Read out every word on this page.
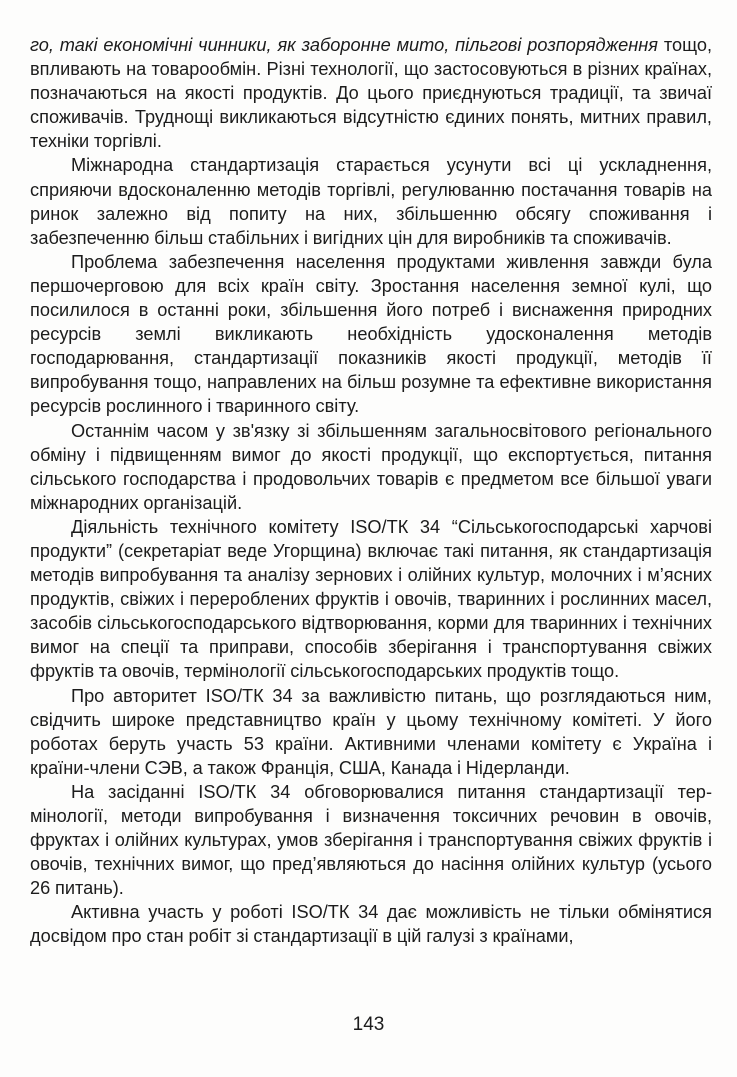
го, такі економічні чинники, як заборонне мито, пільгові розпорядження тощо, впливають на товарообмін. Різні технології, що застосовуються в різних країнах, позначаються на якості продуктів. До цього приєднуються традиції, та звичаї споживачів. Труднощі викликаються відсутністю єдиних понять, митних правил, техніки торгівлі.

Міжнародна стандартизація старається усунути всі ці ускладнення, сприяючи вдосконаленню методів торгівлі, регулюванню постачання товарів на ринок залежно від попиту на них, збільшенню обсягу споживання і забезпеченню більш стабільних і вигідних цін для виробників та споживачів.

Проблема забезпечення населення продуктами живлення завжди була першочерговою для всіх країн світу. Зростання населення земної кулі, що посилилося в останні роки, збільшення його потреб і виснаження природних ресурсів землі викликають необхідність удосконалення методів господарювання, стандартизації показників якості продукції, методів її випробування тощо, направлених на більш розумне та ефективне використання ресурсів рослинного і тваринного світу.

Останнім часом у зв'язку зі збільшенням загальносвітового регіонального обміну і підвищенням вимог до якості продукції, що експортується, питання сільського господарства і продовольчих товарів є предметом все більшої уваги міжнародних організацій.

Діяльність технічного комітету ISO/ТК 34 “Сільськогосподарські харчові продукти” (секретаріат веде Угорщина) включає такі питання, як стандартизація методів випробування та аналізу зернових і олійних культур, молочних і м’ясних продуктів, свіжих і перероблених фруктів і овочів, тваринних і рослинних масел, засобів сільськогосподарського відтворювання, корми для тваринних і технічних вимог на спеції та приправи, способів зберігання і транспортування свіжих фруктів та овочів, термінології сільськогосподарських продуктів тощо.

Про авторитет ISO/ТК 34 за важливістю питань, що розглядаються ним, свідчить широке представництво країн у цьому технічному комітеті. У його роботах беруть участь 53 країни. Активними членами комітету є Україна і країни-члени СЭВ, а також Франція, США, Канада і Нідерланди.

На засіданні ISO/ТК 34 обговорювалися питання стандартизації термінології, методи випробування і визначення токсичних речовин в овочів, фруктах і олійних культурах, умов зберігання і транспортування свіжих фруктів і овочів, технічних вимог, що пред’являються до насіння олійних культур (усього 26 питань).

Активна участь у роботі ISO/ТК 34 дає можливість не тільки обмінятися досвідом про стан робіт зі стандартизації в цій галузі з країнами,

143
